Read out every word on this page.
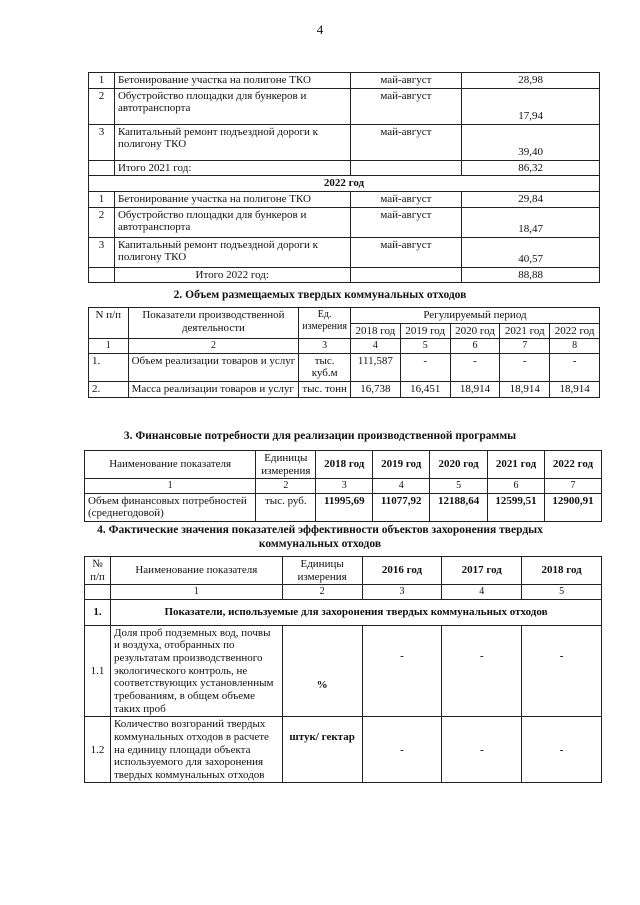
4
1	Бетонирование участка на полигоне ТКО	май-август	28,98
2	Обустройство площадки для бункеров и автотранспорта	май-август	17,94
3	Капитальный ремонт подъездной дороги к полигону ТКО	май-август	39,40
	Итого 2021 год:		86,32
2022 год			
1	Бетонирование участка на полигоне ТКО	май-август	29,84
2	Обустройство площадки для бункеров и автотранспорта	май-август	18,47
3	Капитальный ремонт подъездной дороги к полигону ТКО	май-август	40,57
	Итого 2022 год:		88,88
2. Объем размещаемых твердых коммунальных отходов
N п/п	Показатели производственной деятельности	Ед. измерения	Регулируемый период				
			2018 год	2019 год	2020 год	2021 год	2022 год
1	2	3	4	5	6	7	8
1.	Объем реализации товаров и услуг	тыс. куб.м	111,587	-	-	-	-
2.	Масса реализации товаров и услуг	тыс. тонн	16,738	16,451	18,914	18,914	18,914
3. Финансовые потребности для реализации производственной программы
Наименование показателя	Единицы измерения	2018 год	2019 год	2020 год	2021 год	2022 год
1	2	3	4	5	6	7
Объем финансовых потребностей (среднегодовой)	тыс. руб.	11995,69	11077,92	12188,64	12599,51	12900,91
4. Фактические значения показателей эффективности объектов захоронения твердых
коммунальных отходов
№ п/п	Наименование показателя	Единицы измерения	2016 год	2017 год	2018 год
	1	2	3	4	5
1.	Показатели, используемые для захоронения твердых коммунальных отходов				
1.1	Доля проб подземных вод, почвы и воздуха, отобранных по результатам производственного экологического контроль, не соответствующих установленным требованиям, в общем объеме таких проб	%	-	-	-
1.2	Количество возгораний твердых коммунальных отходов в расчете на единицу площади объекта используемого для захоронения твердых коммунальных отходов	штук/ гектар	-	-	-
